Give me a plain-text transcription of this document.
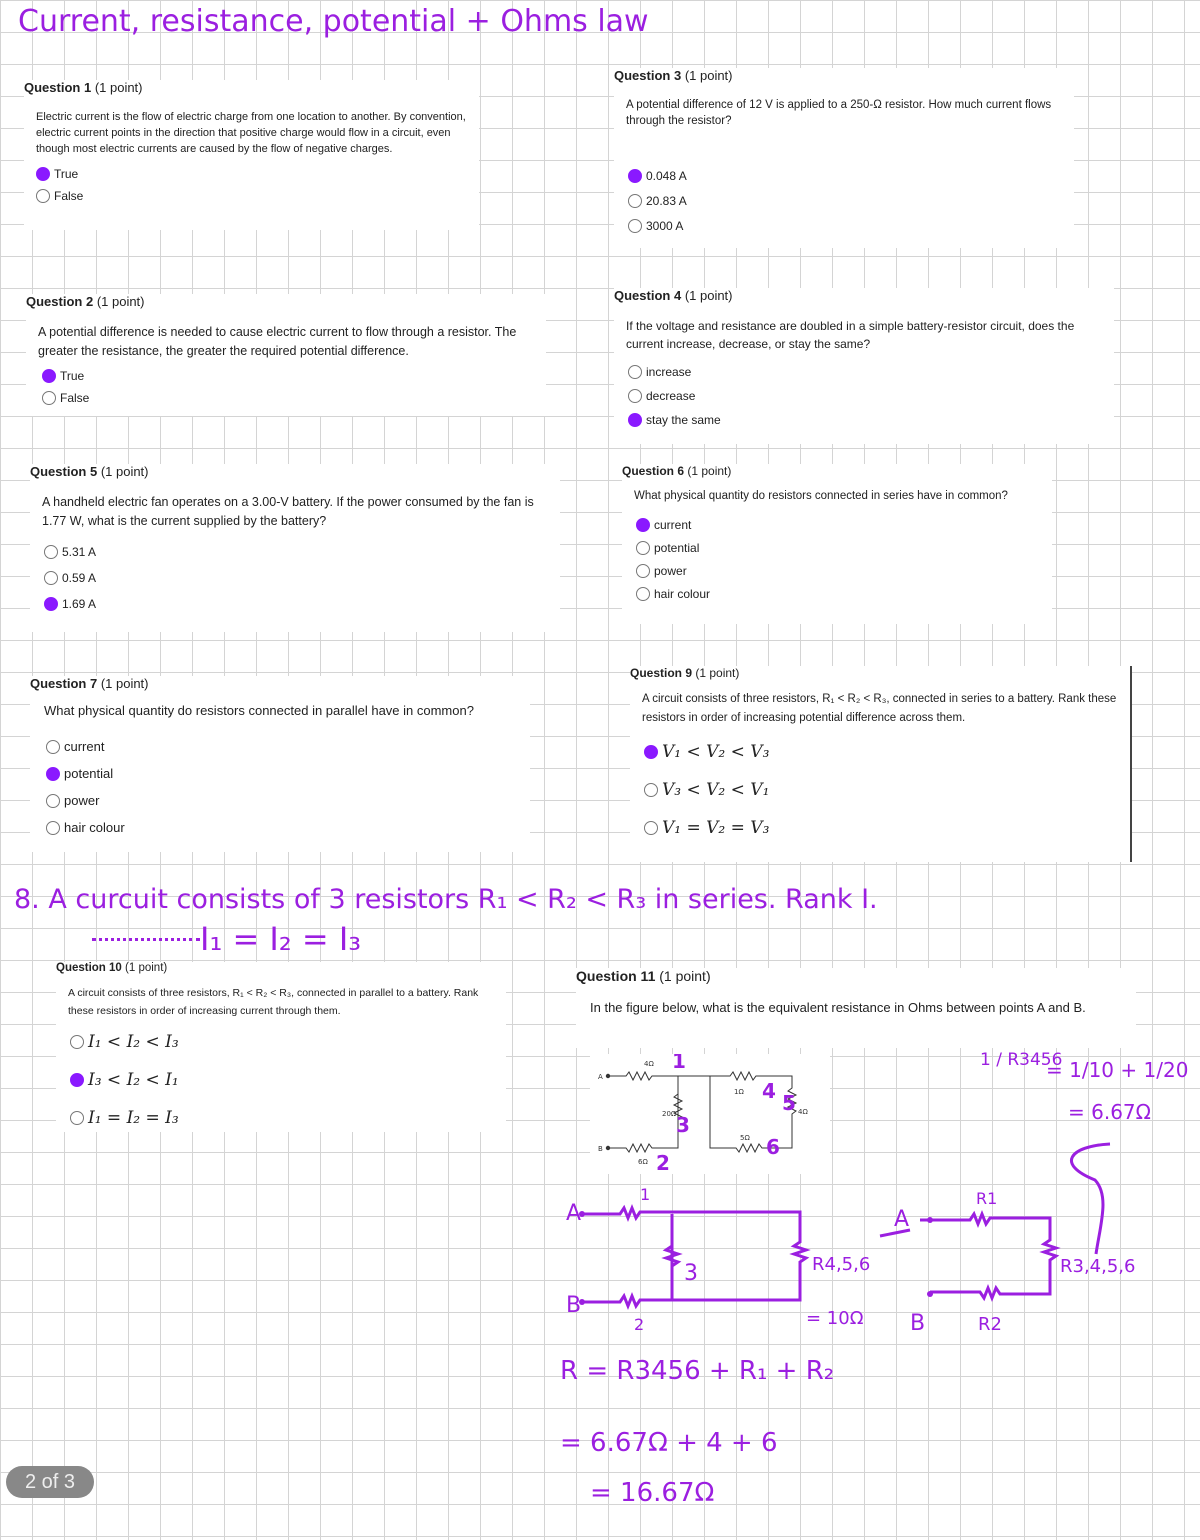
Current, resistance, potential + Ohms law

Question 1 (1 point)

Electric current is the flow of electric charge from one location to another. By convention, electric current points in the direction that positive charge would flow in a circuit, even though most electric currents are caused by the flow of negative charges.
True
False

Question 2 (1 point)

A potential difference is needed to cause electric current to flow through a resistor. The greater the resistance, the greater the required potential difference.
True
False

Question 3 (1 point)

A potential difference of 12 V is applied to a 250-Ω resistor. How much current flows through the resistor?
0.048 A
20.83 A
3000 A

Question 4 (1 point)

If the voltage and resistance are doubled in a simple battery-resistor circuit, does the current increase, decrease, or stay the same?
increase
decrease
stay the same

Question 5 (1 point)

A handheld electric fan operates on a 3.00-V battery. If the power consumed by the fan is 1.77 W, what is the current supplied by the battery?
5.31 A
0.59 A
1.69 A

Question 6 (1 point)

What physical quantity do resistors connected in series have in common?
current
potential
power
hair colour

Question 7 (1 point)

What physical quantity do resistors connected in parallel have in common?
current
potential
power
hair colour

Question 9 (1 point)

A circuit consists of three resistors, R₁ < R₂ < R₃, connected in series to a battery. Rank these resistors in order of increasing potential difference across them.
V₁ < V₂ < V₃
V₃ < V₂ < V₁
V₁ = V₂ = V₃
8. A curcuit consists of 3 resistors R₁ < R₂ < R₃ in series. Rank I.
I₁ = I₂ = I₃

Question 10 (1 point)

A circuit consists of three resistors, R₁ < R₂ < R₃, connected in parallel to a battery. Rank these resistors in order of increasing current through them.
I₁ < I₂ < I₃
I₃ < I₂ < I₁
I₁ = I₂ = I₃

Question 11 (1 point)

In the figure below, what is the equivalent resistance in Ohms between points A and B.
A
B
4Ω
6Ω
20Ω
1Ω
5Ω
4Ω
1
2
3
4 5
6
1 / R3456
= 1/10 + 1/20
= 6.67Ω
A
B
1
2
3	R4,5,6
= 10Ω
A
B
R1
R2
R3,4,5,6
R = R3456 + R₁ + R₂
= 6.67Ω + 4 + 6
= 16.67Ω
2 of 3
